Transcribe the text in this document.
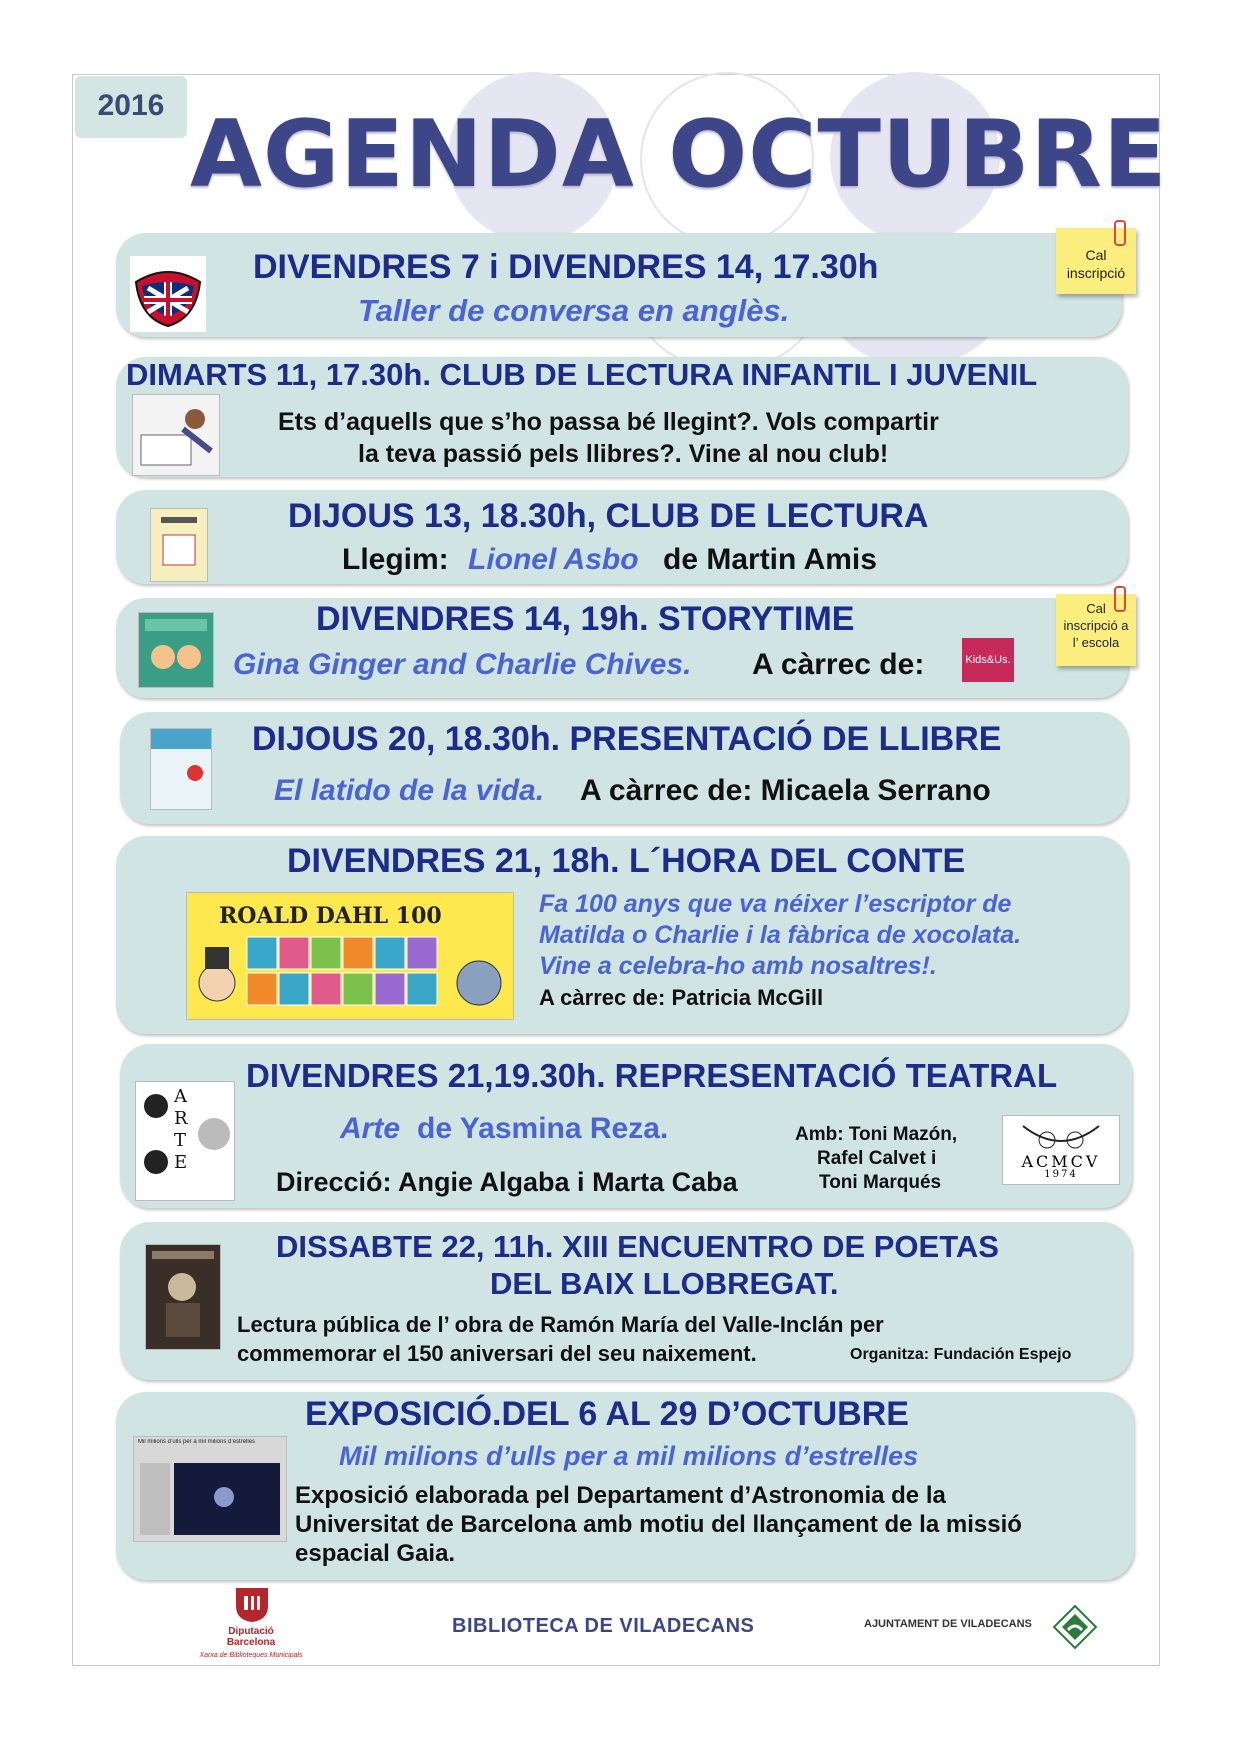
2016 AGENDA OCTUBRE
DIVENDRES 7 i DIVENDRES 14, 17.30h
Taller de conversa en anglès.
Cal inscripció
DIMARTS 11, 17.30h. CLUB DE LECTURA INFANTIL I JUVENIL
Ets d’aquells que s’ho passa bé llegint?. Vols compartir
la teva passió pels llibres?. Vine al nou club!
DIJOUS 13, 18.30h, CLUB DE LECTURA
Llegim: Lionel Asbo de Martin Amis
DIVENDRES 14, 19h. STORYTIME
Gina Ginger and Charlie Chives. A càrrec de:	Kids&Us.
Cal
inscripció a
l’ escola
DIJOUS 20, 18.30h. PRESENTACIÓ DE LLIBRE
El latido de la vida. A càrrec de: Micaela Serrano
DIVENDRES 21, 18h. L´HORA DEL CONTE
ROALD DAHL 100	Fa 100 anys que va néixer l’escriptor de
Matilda o Charlie i la fàbrica de xocolata.
Vine a celebra-ho amb nosaltres!.
A càrrec de: Patricia McGill
ARTE
DIVENDRES 21,19.30h. REPRESENTACIÓ TEATRAL
Arte de Yasmina Reza.
Direcció: Angie Algaba i Marta Caba
Amb: Toni Mazón,
Rafel Calvet i
Toni Marqués
ACMCV
1974
DISSABTE 22, 11h. XIII ENCUENTRO DE POETAS
DEL BAIX LLOBREGAT.
Lectura pública de l’ obra de Ramón María del Valle-Inclán per
commemorar el 150 aniversari del seu naixement.	Organitza: Fundación Espejo
EXPOSICIÓ.DEL 6 AL 29 D’OCTUBRE
Mil milions d’ulls per a mil milions d’estrelles
Mil milions d’ulls per a mil milions d’estrelles
Exposició elaborada pel Departament d’Astronomia de la
Universitat de Barcelona amb motiu del llançament de la missió
espacial Gaia.
Diputació
Barcelona
Xarxa de Biblioteques Municipals
BIBLIOTECA DE VILADECANS	AJUNTAMENT DE VILADECANS
